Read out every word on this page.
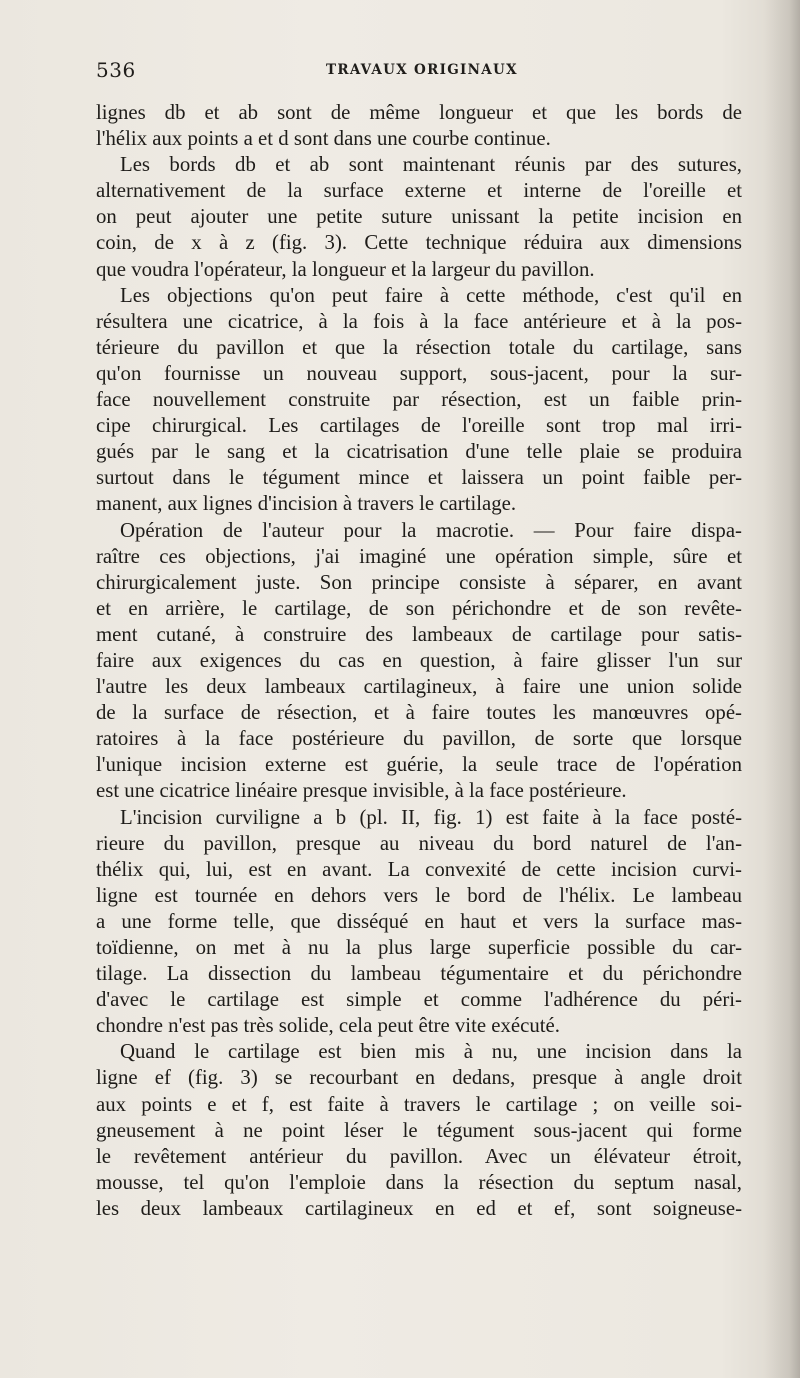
536	TRAVAUX ORIGINAUX
lignes db et ab sont de même longueur et que les bords de
l'hélix aux points a et d sont dans une courbe continue.
Les bords db et ab sont maintenant réunis par des sutures,
alternativement de la surface externe et interne de l'oreille et
on peut ajouter une petite suture unissant la petite incision en
coin, de x à z (fig. 3). Cette technique réduira aux dimensions
que voudra l'opérateur, la longueur et la largeur du pavillon.
Les objections qu'on peut faire à cette méthode, c'est qu'il en
résultera une cicatrice, à la fois à la face antérieure et à la pos-
térieure du pavillon et que la résection totale du cartilage, sans
qu'on fournisse un nouveau support, sous-jacent, pour la sur-
face nouvellement construite par résection, est un faible prin-
cipe chirurgical. Les cartilages de l'oreille sont trop mal irri-
gués par le sang et la cicatrisation d'une telle plaie se produira
surtout dans le tégument mince et laissera un point faible per-
manent, aux lignes d'incision à travers le cartilage.
Opération de l'auteur pour la macrotie. — Pour faire dispa-
raître ces objections, j'ai imaginé une opération simple, sûre et
chirurgicalement juste. Son principe consiste à séparer, en avant
et en arrière, le cartilage, de son périchondre et de son revête-
ment cutané, à construire des lambeaux de cartilage pour satis-
faire aux exigences du cas en question, à faire glisser l'un sur
l'autre les deux lambeaux cartilagineux, à faire une union solide
de la surface de résection, et à faire toutes les manœuvres opé-
ratoires à la face postérieure du pavillon, de sorte que lorsque
l'unique incision externe est guérie, la seule trace de l'opération
est une cicatrice linéaire presque invisible, à la face postérieure.
L'incision curviligne a b (pl. II, fig. 1) est faite à la face posté-
rieure du pavillon, presque au niveau du bord naturel de l'an-
thélix qui, lui, est en avant. La convexité de cette incision curvi-
ligne est tournée en dehors vers le bord de l'hélix. Le lambeau
a une forme telle, que disséqué en haut et vers la surface mas-
toïdienne, on met à nu la plus large superficie possible du car-
tilage. La dissection du lambeau tégumentaire et du périchondre
d'avec le cartilage est simple et comme l'adhérence du péri-
chondre n'est pas très solide, cela peut être vite exécuté.
Quand le cartilage est bien mis à nu, une incision dans la
ligne ef (fig. 3) se recourbant en dedans, presque à angle droit
aux points e et f, est faite à travers le cartilage ; on veille soi-
gneusement à ne point léser le tégument sous-jacent qui forme
le revêtement antérieur du pavillon. Avec un élévateur étroit,
mousse, tel qu'on l'emploie dans la résection du septum nasal,
les deux lambeaux cartilagineux en ed et ef, sont soigneuse-
